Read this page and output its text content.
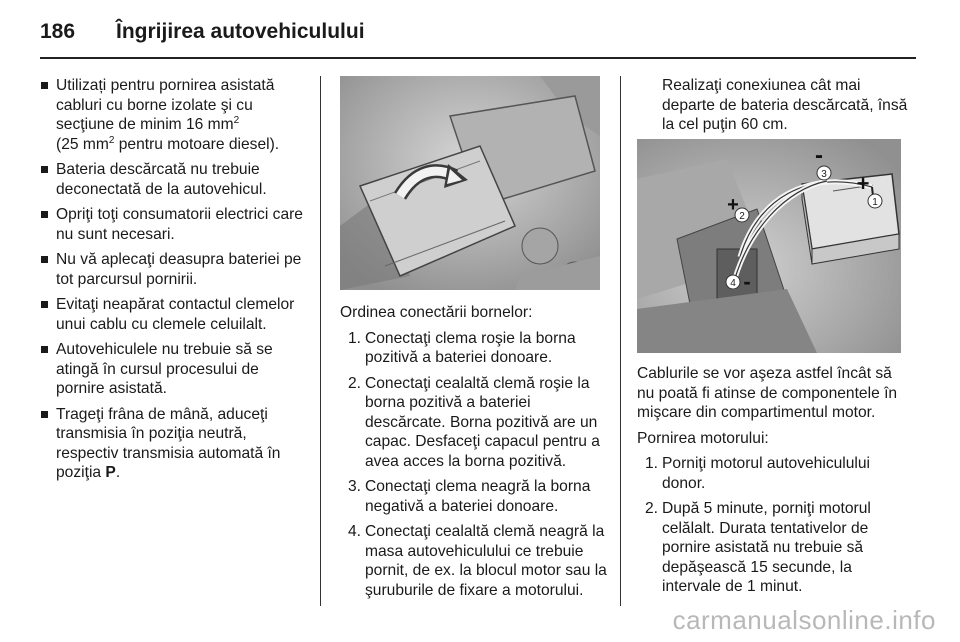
186 Îngrijirea autovehiculului
Utilizați pentru pornirea asistată cabluri cu borne izolate şi cu secţiune de minim 16 $mm^2$
(25 $mm^2$ pentru motoare diesel).
Bateria descărcată nu trebuie deconectată de la autovehicul.
Opriţi toţi consumatorii electrici care nu sunt necesari.
Nu vă aplecaţi deasupra bateriei pe tot parcursul pornirii.
Evitaţi neapărat contactul clemelor unui cablu cu clemele celuilalt.
Autovehiculele nu trebuie să se atingă în cursul procesului de pornire asistată.
Trageţi frâna de mână, aduceţi transmisia în poziţia neutră, respectiv transmisia automată în poziţia P.

Ordinea conectării bornelor:

1. Conectaţi clema roşie la borna pozitivă a bateriei donoare.
2. Conectaţi cealaltă clemă roşie la borna pozitivă a bateriei descărcate. Borna pozitivă are un capac. Desfaceţi capacul pentru a avea acces la borna pozitivă.
3. Conectaţi clema neagră la borna negativă a bateriei donoare.
4. Conectaţi cealaltă clemă neagră la masa autovehiculului ce trebuie pornit, de ex. la blocul motor sau la şuruburile de fixare a motorului.

Realizaţi conexiunea cât mai departe de bateria descărcată, însă la cel puţin 60 cm.

1
+
3
-
2
+
4 -

Cablurile se vor aşeza astfel încât să nu poată fi atinse de componentele în mişcare din compartimentul motor.

Pornirea motorului:

1. Porniţi motorul autovehiculului donor.
2. După 5 minute, porniţi motorul celălalt. Durata tentativelor de pornire asistată nu trebuie să depăşească 15 secunde, la intervale de 1 minut.
carmanualsonline.info
